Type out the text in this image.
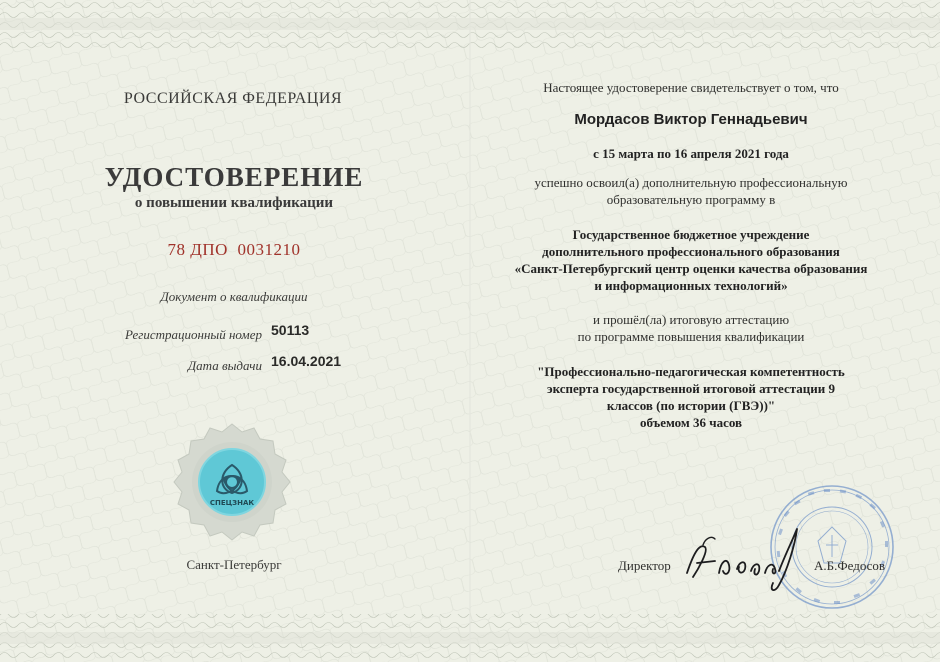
РОССИЙСКАЯ ФЕДЕРАЦИЯ
УДОСТОВЕРЕНИЕ
о повышении квалификации
78 ДПО 0031210
Документ о квалификации
Регистрационный номер 50113
Дата выдачи 16.04.2021
СПЕЦЗНАК
Санкт-Петербург
Настоящее удостоверение свидетельствует о том, что
Мордасов Виктор Геннадьевич
с 15 марта по 16 апреля 2021 года
успешно освоил(а) дополнительную профессиональную
образовательную программу в
Государственное бюджетное учреждение
дополнительного профессионального образования
«Санкт-Петербургский центр оценки качества образования
и информационных технологий»
и прошёл(ла) итоговую аттестацию
по программе повышения квалификации
"Профессионально-педагогическая компетентность
эксперта государственной итоговой аттестации 9
классов (по истории (ГВЭ))"
объемом 36 часов
Директор	А.Б.Федосов
